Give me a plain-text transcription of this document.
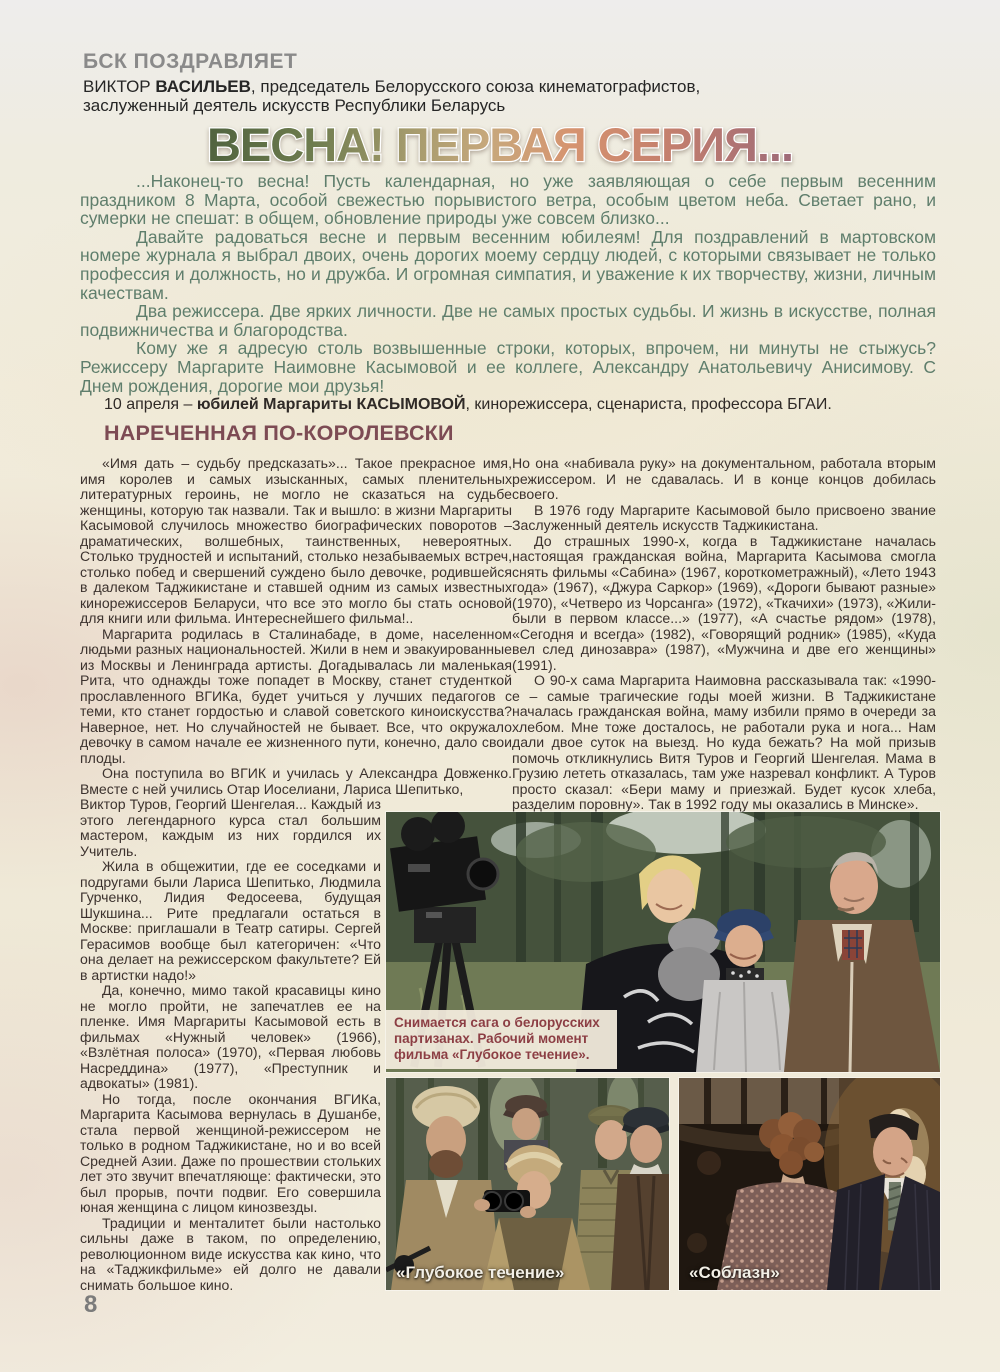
БСК ПОЗДРАВЛЯЕТ
ВИКТОР ВАСИЛЬЕВ, председатель Белорусского союза кинематографистов,
заслуженный деятель искусств Республики Беларусь
ВЕСНА! ПЕРВАЯ СЕРИЯ...

...Наконец-то весна! Пусть календарная, но уже заявляющая о себе первым весенним праздником 8 Марта, особой свежестью порывистого ветра, особым цветом неба. Светает рано, и сумерки не спешат: в общем, обновление природы уже совсем близко...

Давайте радоваться весне и первым весенним юбилеям! Для поздравлений в мартовском номере журнала я выбрал двоих, очень дорогих моему сердцу людей, с которыми связывает не только профессия и должность, но и дружба. И огромная симпатия, и уважение к их творчеству, жизни, личным качествам.

Два режиссера. Две ярких личности. Две не самых простых судьбы. И жизнь в искусстве, полная подвижничества и благородства.

Кому же я адресую столь возвышенные строки, которых, впрочем, ни минуты не стыжусь? Режиссеру Маргарите Наимовне Касымовой и ее коллеге, Александру Анатольевичу Анисимову. С Днем рождения, дорогие мои друзья!

10 апреля – юбилей Маргариты КАСЫМОВОЙ, кинорежиссера, сценариста, профессора БГАИ.
НАРЕЧЕННАЯ ПО-КОРОЛЕВСКИ

«Имя дать – судьбу предсказать»... Такое прекрасное имя, имя королев и самых изысканных, самых пленительных литературных героинь, не могло не сказаться на судьбе женщины, которую так назвали. Так и вышло: в жизни Маргариты Касымовой случилось множество биографических поворотов – драматических, волшебных, таинственных, невероятных. Столько трудностей и испытаний, столько незабываемых встреч, столько побед и свершений суждено было девочке, родившейся в далеком Таджикистане и ставшей одним из самых известных кинорежиссеров Беларуси, что все это могло бы стать основой для книги или фильма. Интереснейшего фильма!..

Маргарита родилась в Сталинабаде, в доме, населенном людьми разных национальностей. Жили в нем и эвакуированные из Москвы и Ленинграда артисты. Догадывалась ли маленькая Рита, что однажды тоже попадет в Москву, станет студенткой прославленного ВГИКа, будет учиться у лучших педагогов с теми, кто станет гордостью и славой советского киноискусства? Наверное, нет. Но случайностей не бывает. Все, что окружало девочку в самом начале ее жизненного пути, конечно, дало свои плоды.

Она поступила во ВГИК и училась у Александра Довженко. Вместе с ней учились Отар Иоселиани, Лариса Шепитько,

Виктор Туров, Георгий Шенгелая... Каждый из этого легендарного курса стал большим мастером, каждым из них гордился их Учитель.

Жила в общежитии, где ее соседками и подругами были Лариса Шепитько, Людмила Гурченко, Лидия Федосеева, будущая Шукшина... Рите предлагали остаться в Москве: приглашали в Театр сатиры. Сергей Герасимов вообще был категоричен: «Что она делает на режиссерском факультете? Ей в артистки надо!»

Да, конечно, мимо такой красавицы кино не могло пройти, не запечатлев ее на пленке. Имя Маргариты Касымовой есть в фильмах «Нужный человек» (1966), «Взлётная полоса» (1970), «Первая любовь Насреддина» (1977), «Преступник и адвокаты» (1981).

Но тогда, после окончания ВГИКа, Маргарита Касымова вернулась в Душанбе, стала первой женщиной-режиссером не только в родном Таджикистане, но и во всей Средней Азии. Даже по прошествии стольких лет это звучит впечатляюще: фактически, это был прорыв, почти подвиг. Его совершила юная женщина с лицом кинозвезды.

Традиции и менталитет были настолько сильны даже в таком, по определению, революционном виде искусства как кино, что на «Таджикфильме» ей долго не давали снимать большое кино.

Но она «набивала руку» на документальном, работала вторым режиссером. И не сдавалась. И в конце концов добилась своего.

В 1976 году Маргарите Касымовой было присвоено звание Заслуженный деятель искусств Таджикистана.

До страшных 1990-х, когда в Таджикистане началась настоящая гражданская война, Маргарита Касымова смогла снять фильмы «Сабина» (1967, короткометражный), «Лето 1943 года» (1967), «Джура Саркор» (1969), «Дороги бывают разные» (1970), «Четверо из Чорсанга» (1972), «Ткачихи» (1973), «Жили-были в первом классе...» (1977), «А счастье рядом» (1978), «Сегодня и всегда» (1982), «Говорящий родник» (1985), «Куда вел след динозавра» (1987), «Мужчина и две его женщины» (1991).

О 90-х сама Маргарита Наимовна рассказывала так: «1990-е – самые трагические годы моей жизни. В Таджикистане началась гражданская война, маму избили прямо в очереди за хлебом. Мне тоже досталось, не работали рука и нога... Нам дали двое суток на выезд. Но куда бежать? На мой призыв помочь откликнулись Витя Туров и Георгий Шенгелая. Мама в Грузию лететь отказалась, там уже назревал конфликт. А Туров просто сказал: «Бери маму и приезжай. Будет кусок хлеба, разделим поровну». Так в 1992 году мы оказались в Минске».

Снимается сага о белорусских партизанах. Рабочий момент фильма «Глубокое течение».
«Глубокое течение»	«Соблазн»
8
